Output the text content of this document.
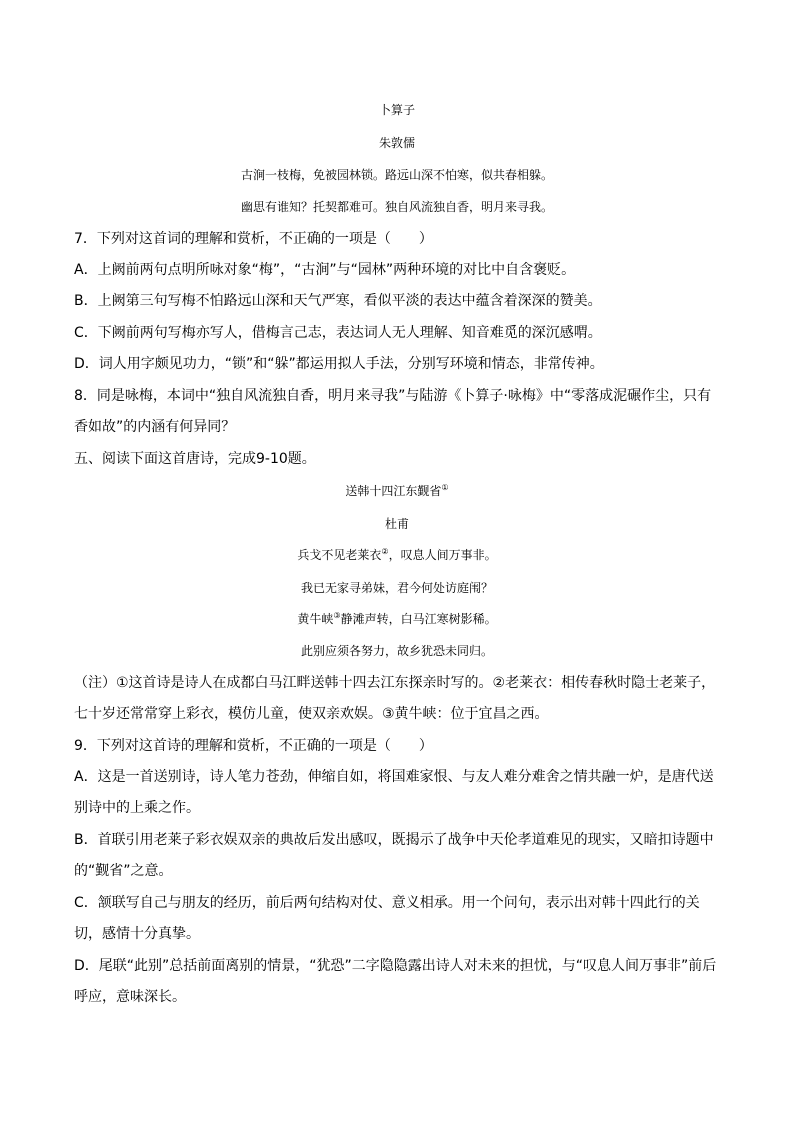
卜算子
朱敦儒
古涧一枝梅，免被园林锁。路远山深不怕寒，似共春相躲。
幽思有谁知？托契都难可。独自风流独自香，明月来寻我。

7．下列对这首词的理解和赏析，不正确的一项是（　　）

A．上阙前两句点明所咏对象“梅”，“古涧”与“园林”两种环境的对比中自含褒贬。

B．上阙第三句写梅不怕路远山深和天气严寒，看似平淡的表达中蕴含着深深的赞美。

C．下阙前两句写梅亦写人，借梅言己志，表达词人无人理解、知音难觅的深沉感喟。

D．词人用字颇见功力，“锁”和“躲”都运用拟人手法，分别写环境和情态，非常传神。

8．同是咏梅，本词中“独自风流独自香，明月来寻我”与陆游《卜算子·咏梅》中“零落成泥碾作尘，只有香如故”的内涵有何异同？

五、阅读下面这首唐诗，完成9-10题。

送韩十四江东觐省①
杜甫
兵戈不见老莱衣②，叹息人间万事非。
我已无家寻弟妹，君今何处访庭闱？
黄牛峡③静滩声转，白马江寒树影稀。
此别应须各努力，故乡犹恐未同归。

（注）①这首诗是诗人在成都白马江畔送韩十四去江东探亲时写的。②老莱衣：相传春秋时隐士老莱子，七十岁还常常穿上彩衣，模仿儿童，使双亲欢娱。③黄牛峡：位于宜昌之西。

9．下列对这首诗的理解和赏析，不正确的一项是（　　）

A．这是一首送别诗，诗人笔力苍劲，伸缩自如，将国难家恨、与友人难分难舍之情共融一炉，是唐代送别诗中的上乘之作。

B．首联引用老莱子彩衣娱双亲的典故后发出感叹，既揭示了战争中天伦孝道难见的现实，又暗扣诗题中的“觐省”之意。

C．颔联写自己与朋友的经历，前后两句结构对仗、意义相承。用一个问句，表示出对韩十四此行的关切，感情十分真挚。

D．尾联“此别”总括前面离别的情景，“犹恐”二字隐隐露出诗人对未来的担忧，与“叹息人间万事非”前后呼应，意味深长。
